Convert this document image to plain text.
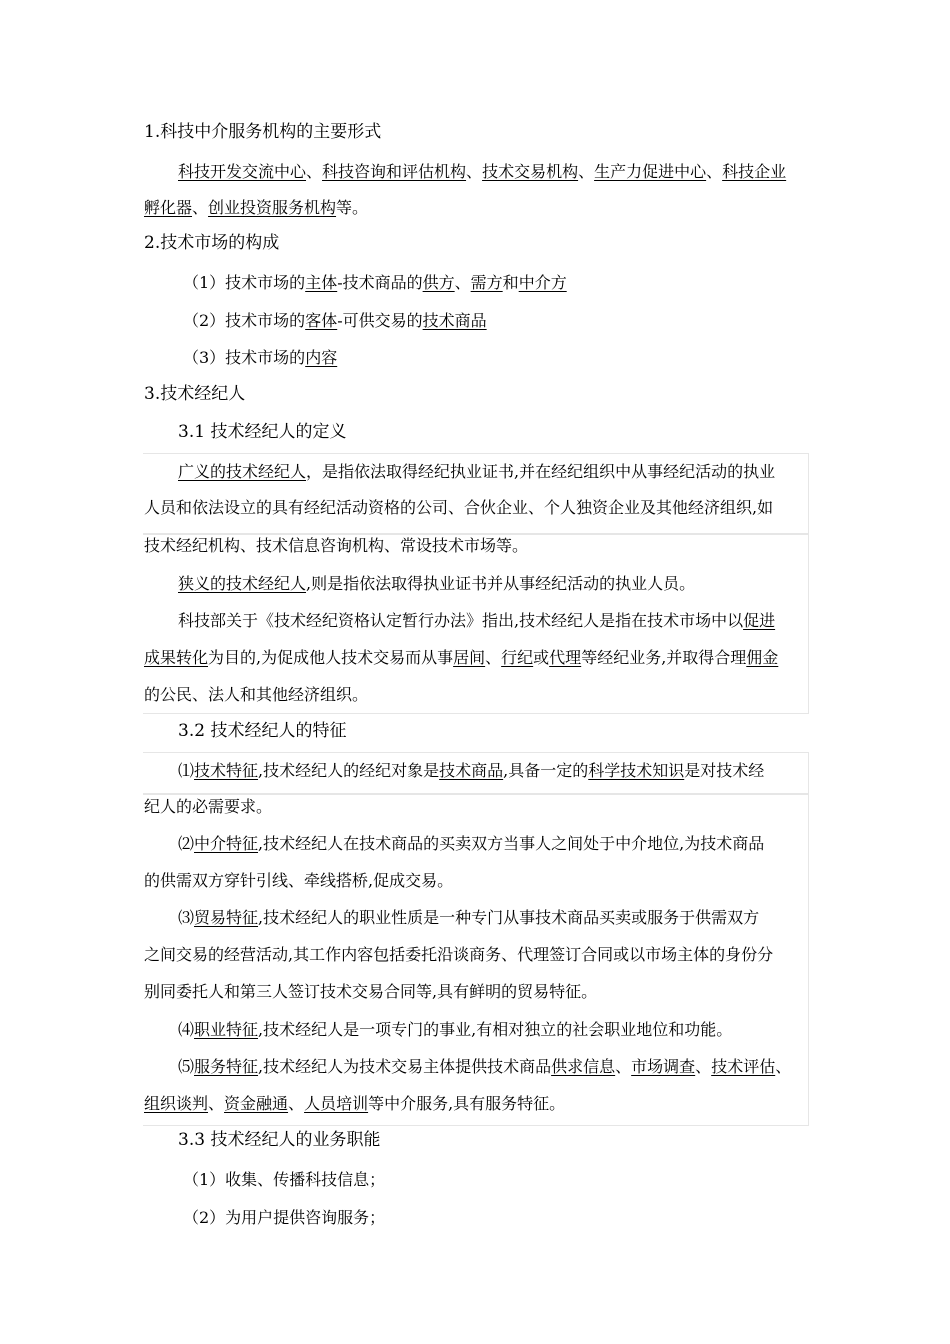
1.科技中介服务机构的主要形式
科技开发交流中心、科技咨询和评估机构、技术交易机构、生产力促进中心、科技企业
孵化器、创业投资服务机构等。
2.技术市场的构成
（1）技术市场的主体-技术商品的供方、需方和中介方
（2）技术市场的客体-可供交易的技术商品
（3）技术市场的内容
3.技术经纪人
3.1 技术经纪人的定义
广义的技术经纪人，是指依法取得经纪执业证书,并在经纪组织中从事经纪活动的执业
人员和依法设立的具有经纪活动资格的公司、合伙企业、个人独资企业及其他经济组织,如
技术经纪机构、技术信息咨询机构、常设技术市场等。
狭义的技术经纪人,则是指依法取得执业证书并从事经纪活动的执业人员。
科技部关于《技术经纪资格认定暂行办法》指出,技术经纪人是指在技术市场中以促进
成果转化为目的,为促成他人技术交易而从事居间、行纪或代理等经纪业务,并取得合理佣金
的公民、法人和其他经济组织。
3.2 技术经纪人的特征
⑴技术特征,技术经纪人的经纪对象是技术商品,具备一定的科学技术知识是对技术经
纪人的必需要求。
⑵中介特征,技术经纪人在技术商品的买卖双方当事人之间处于中介地位,为技术商品
的供需双方穿针引线、牵线搭桥,促成交易。
⑶贸易特征,技术经纪人的职业性质是一种专门从事技术商品买卖或服务于供需双方
之间交易的经营活动,其工作内容包括委托沿谈商务、代理签订合同或以市场主体的身份分
别同委托人和第三人签订技术交易合同等,具有鲜明的贸易特征。
⑷职业特征,技术经纪人是一项专门的事业,有相对独立的社会职业地位和功能。
⑸服务特征,技术经纪人为技术交易主体提供技术商品供求信息、市场调查、技术评估、
组织谈判、资金融通、人员培训等中介服务,具有服务特征。
3.3 技术经纪人的业务职能
（1）收集、传播科技信息；
（2）为用户提供咨询服务；
